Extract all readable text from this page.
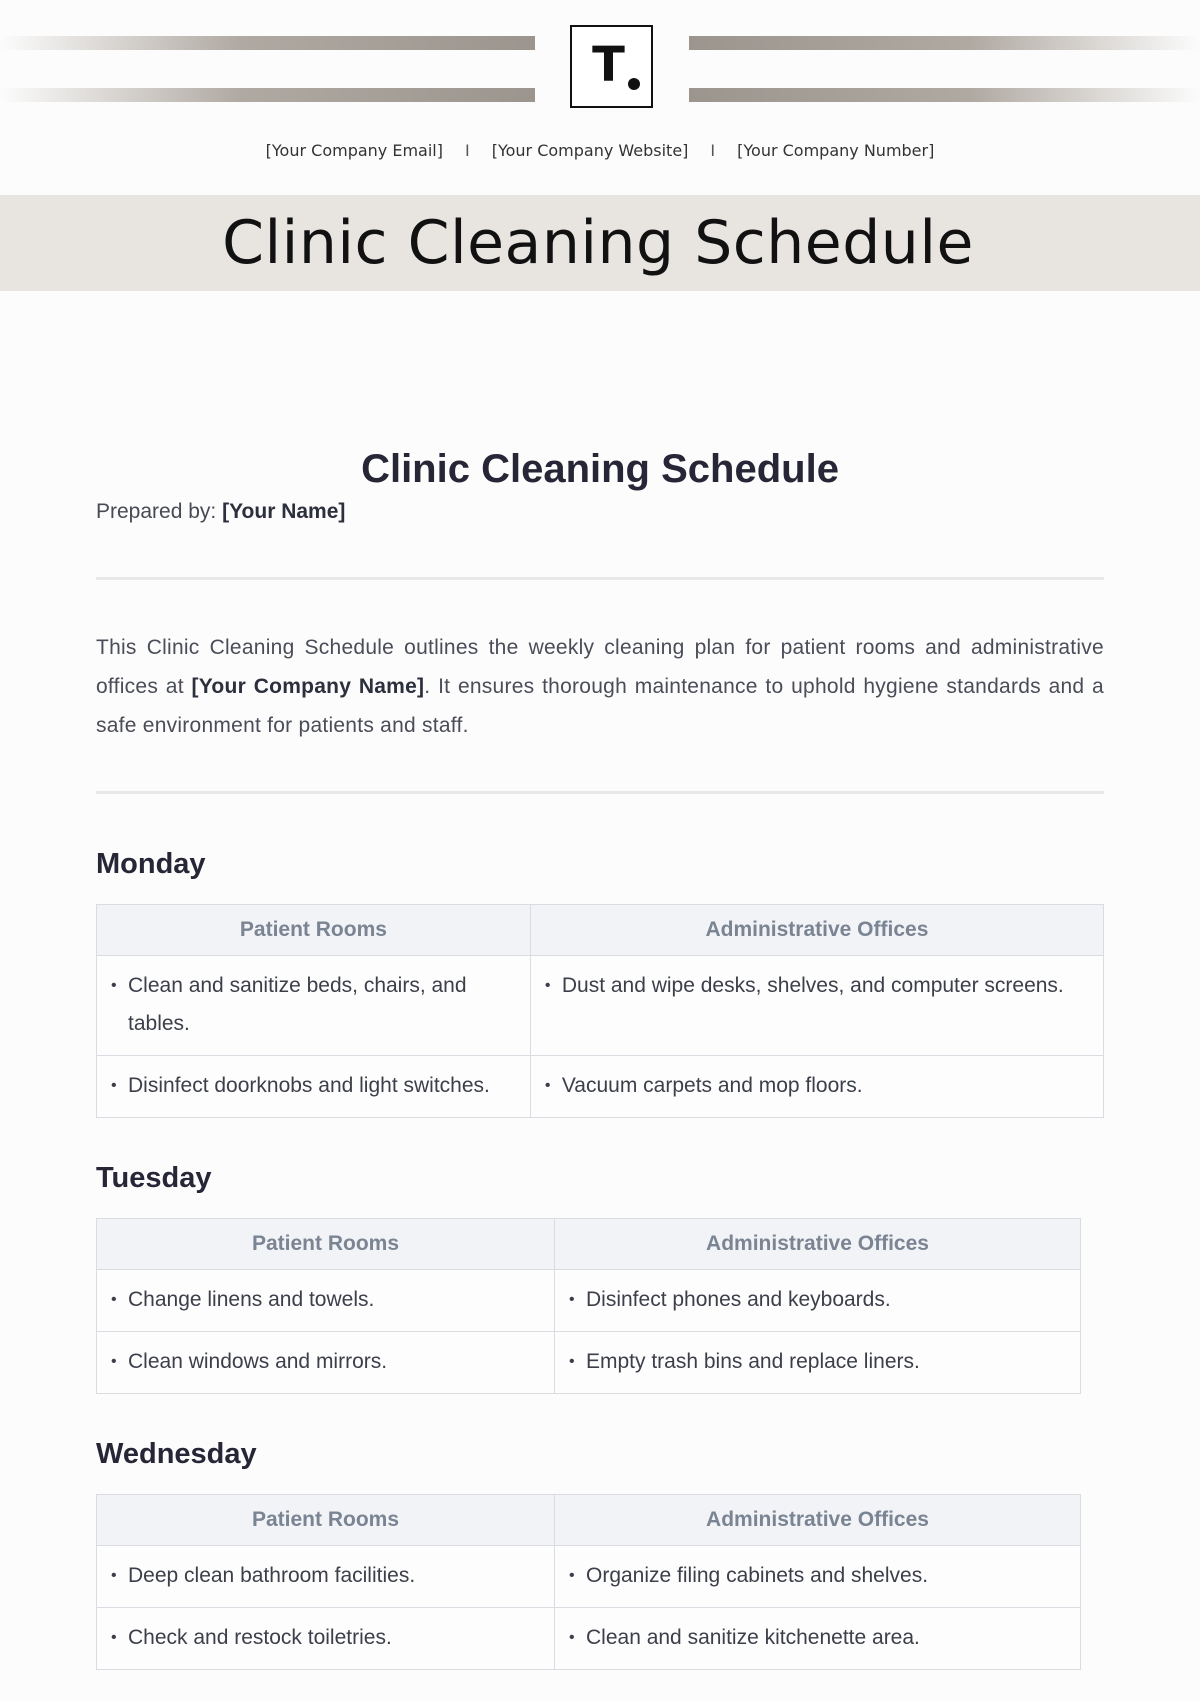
T
[Your Company Email] I [Your Company Website] I [Your Company Number]
Clinic Cleaning Schedule
Clinic Cleaning Schedule
Prepared by: [Your Name]

This Clinic Cleaning Schedule outlines the weekly cleaning plan for patient rooms and administrative offices at [Your Company Name]. It ensures thorough maintenance to uphold hygiene standards and a safe environment for patients and staff.

Monday
Patient Rooms	Administrative Offices

• Clean and sanitize beds, chairs, and tables.	• Dust and wipe desks, shelves, and computer screens.

• Disinfect doorknobs and light switches.	• Vacuum carpets and mop floors.
Tuesday
Patient Rooms	Administrative Offices

• Change linens and towels.	• Disinfect phones and keyboards.

• Clean windows and mirrors.	• Empty trash bins and replace liners.
Wednesday
Patient Rooms	Administrative Offices

• Deep clean bathroom facilities.	• Organize filing cabinets and shelves.

• Check and restock toiletries.	• Clean and sanitize kitchenette area.
